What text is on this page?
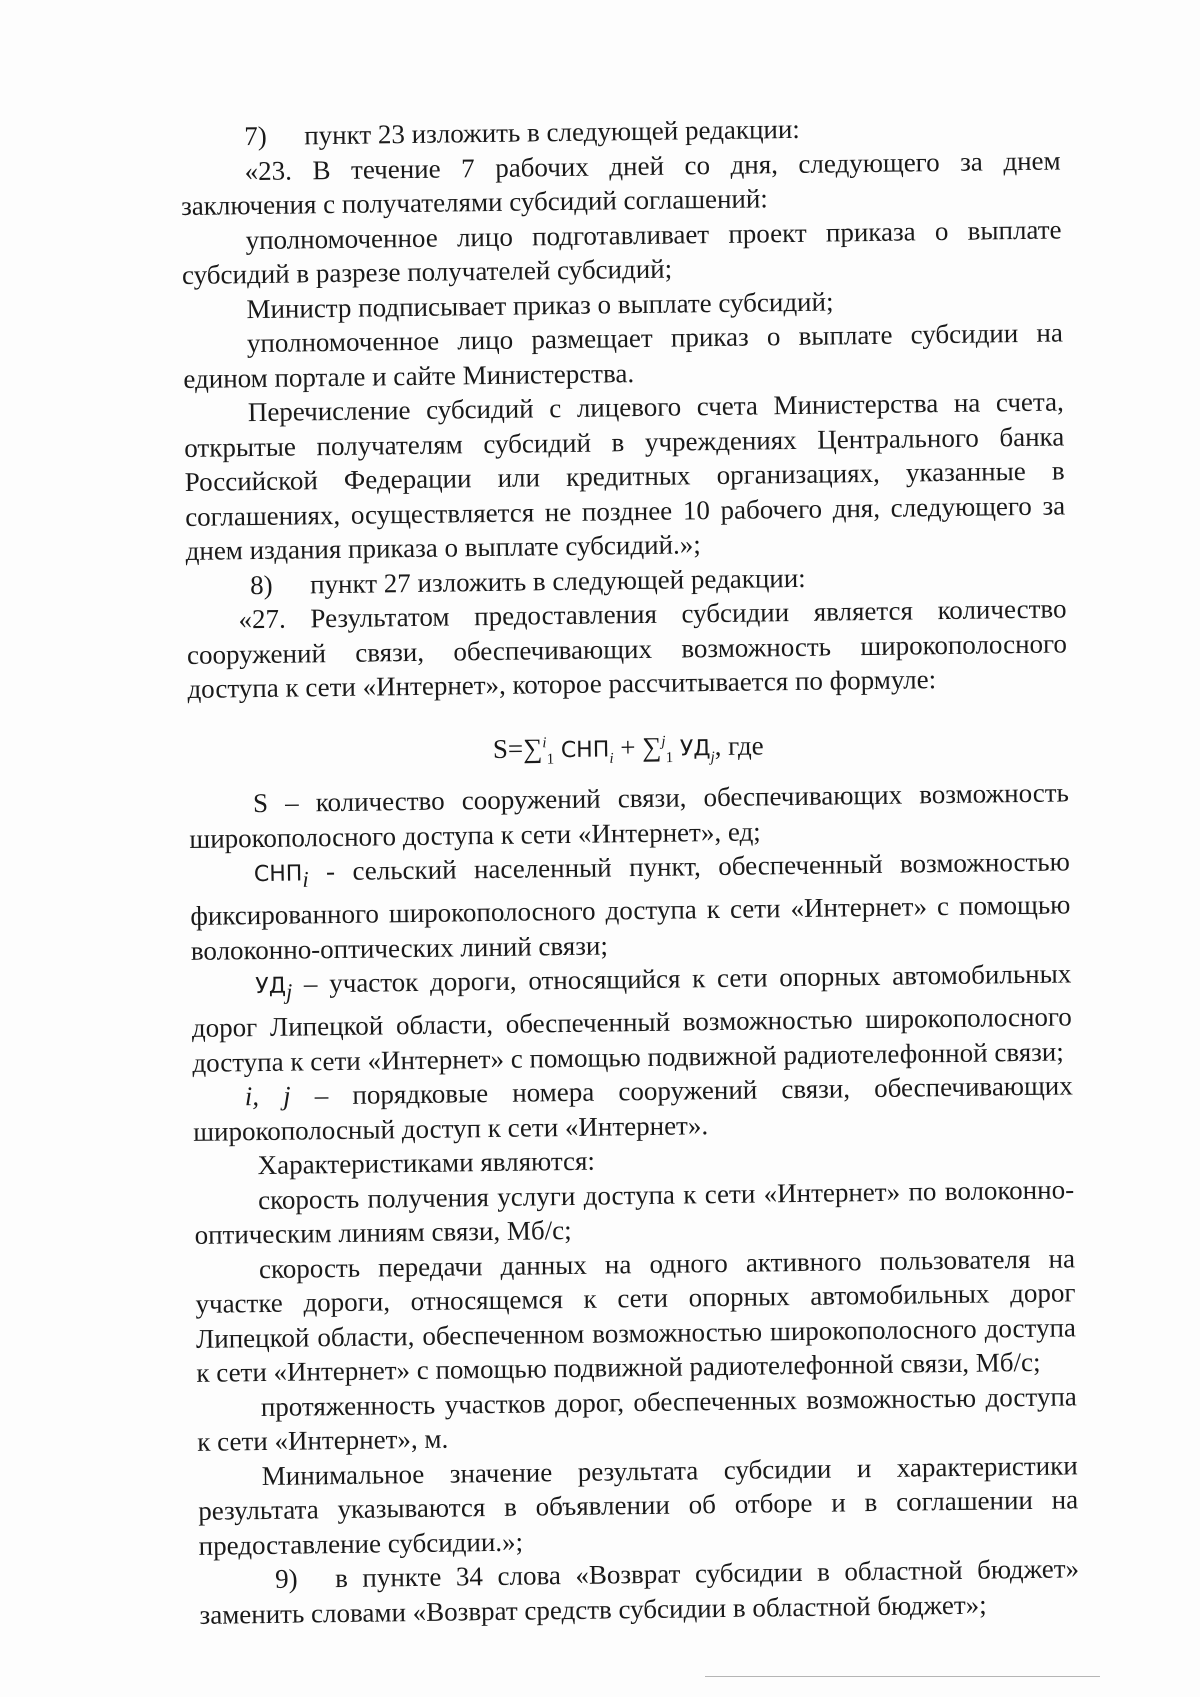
7) пункт 23 изложить в следующей редакции:

«23. В течение 7 рабочих дней со дня, следующего за днем заключения с получателями субсидий соглашений:

уполномоченное лицо подготавливает проект приказа о выплате субсидий в разрезе получателей субсидий;

Министр подписывает приказ о выплате субсидий;

уполномоченное лицо размещает приказ о выплате субсидии на едином портале и сайте Министерства.

Перечисление субсидий с лицевого счета Министерства на счета, открытые получателям субсидий в учреждениях Центрального банка Российской Федерации или кредитных организациях, указанные в соглашениях, осуществляется не позднее 10 рабочего дня, следующего за днем издания приказа о выплате субсидий.»;

8) пункт 27 изложить в следующей редакции:

«27. Результатом предоставления субсидии является количество сооружений связи, обеспечивающих возможность широкополосного доступа к сети «Интернет», которое рассчитывается по формуле:

S=∑$^i_1$ $СНП_i + \sum^j_1$ $УД_j$, где

S – количество сооружений связи, обеспечивающих возможность широкополосного доступа к сети «Интернет», ед;

$СНП_i$ - сельский населенный пункт, обеспеченный возможностью фиксированного широкополосного доступа к сети «Интернет» с помощью волоконно-оптических линий связи;

$УД_j$ – участок дороги, относящийся к сети опорных автомобильных дорог Липецкой области, обеспеченный возможностью широкополосного доступа к сети «Интернет» с помощью подвижной радиотелефонной связи;

i, j – порядковые номера сооружений связи, обеспечивающих широкополосный доступ к сети «Интернет».

Характеристиками являются:

скорость получения услуги доступа к сети «Интернет» по волоконно-оптическим линиям связи, Мб/с;

скорость передачи данных на одного активного пользователя на участке дороги, относящемся к сети опорных автомобильных дорог Липецкой области, обеспеченном возможностью широкополосного доступа к сети «Интернет» с помощью подвижной радиотелефонной связи, Мб/с;

протяженность участков дорог, обеспеченных возможностью доступа к сети «Интернет», м.

Минимальное значение результата субсидии и характеристики результата указываются в объявлении об отборе и в соглашении на предоставление субсидии.»;

9) в пункте 34 слова «Возврат субсидии в областной бюджет» заменить словами «Возврат средств субсидии в областной бюджет»;
